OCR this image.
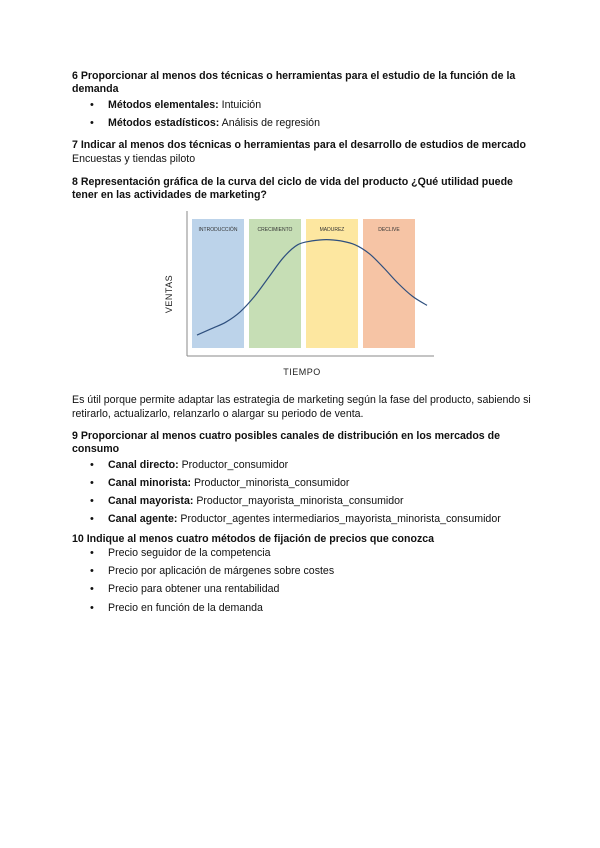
6 Proporcionar al menos dos técnicas o herramientas para el estudio de la función de la demanda

• Métodos elementales: Intuición
• Métodos estadísticos: Análisis de regresión

7 Indicar al menos dos técnicas o herramientas para el desarrollo de estudios de mercado

Encuestas y tiendas piloto

8 Representación gráfica de la curva del ciclo de vida del producto ¿Qué utilidad puede tener en las actividades de marketing?

INTRODUCCIÓN	CRECIMIENTO	MADUREZ	DECLIVE
VENTAS
TIEMPO

Es útil porque permite adaptar las estrategia de marketing según la fase del producto, sabiendo si retirarlo, actualizarlo, relanzarlo o alargar su periodo de venta.

9 Proporcionar al menos cuatro posibles canales de distribución en los mercados de consumo

• Canal directo: Productor_consumidor
• Canal minorista: Productor_minorista_consumidor
• Canal mayorista: Productor_mayorista_minorista_consumidor
• Canal agente: Productor_agentes intermediarios_mayorista_minorista_consumidor

10 Indique al menos cuatro métodos de fijación de precios que conozca

• Precio seguidor de la competencia
• Precio por aplicación de márgenes sobre costes
• Precio para obtener una rentabilidad
• Precio en función de la demanda
